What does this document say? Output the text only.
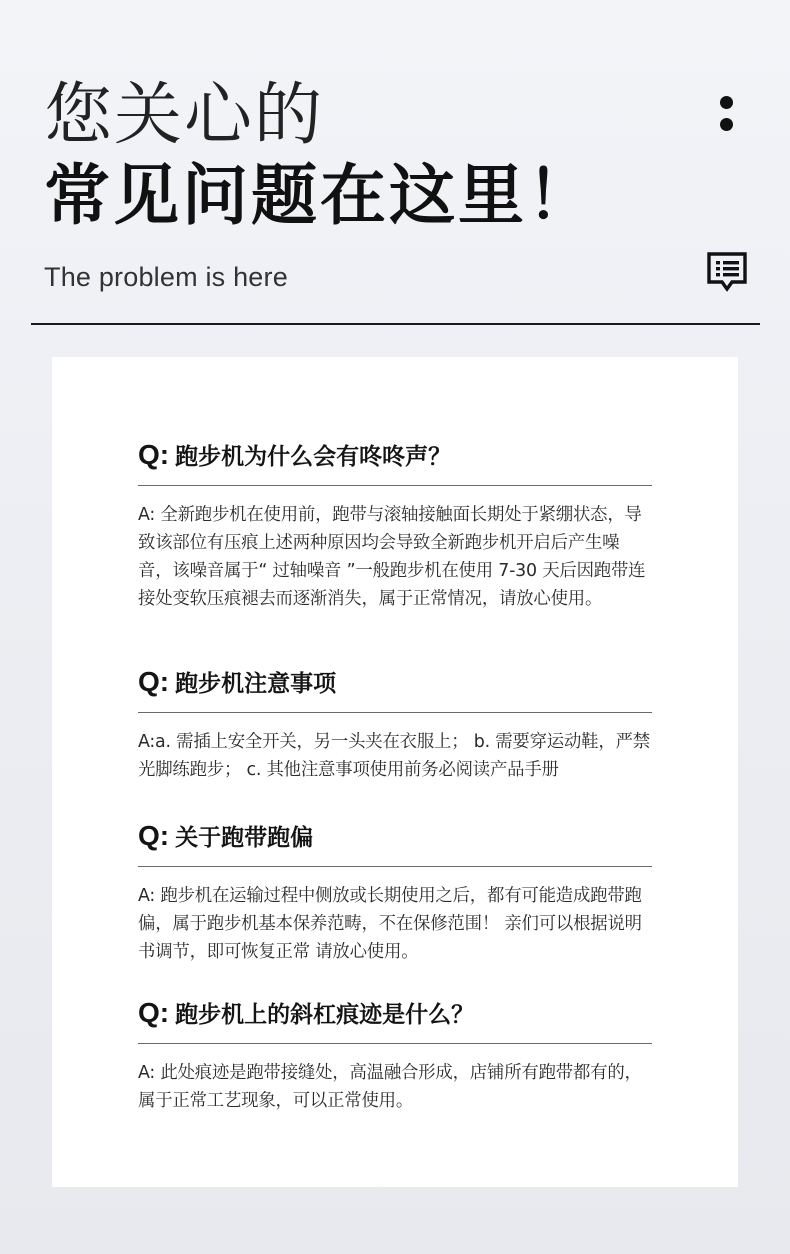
您关心的
常见问题在这里！
The problem is here
Q: 跑步机为什么会有咚咚声？
A: 全新跑步机在使用前，跑带与滚轴接触面长期处于紧绷状态，导致该部位有压痕上述两种原因均会导致全新跑步机开启后产生噪音，该噪音属于“ 过轴噪音 ”一般跑步机在使用 7-30 天后因跑带连接处变软压痕褪去而逐渐消失，属于正常情况，请放心使用。
Q: 跑步机注意事项
A:a. 需插上安全开关，另一头夹在衣服上； b. 需要穿运动鞋，严禁光脚练跑步； c. 其他注意事项使用前务必阅读产品手册
Q: 关于跑带跑偏
A: 跑步机在运输过程中侧放或长期使用之后，都有可能造成跑带跑偏，属于跑步机基本保养范畴，不在保修范围！ 亲们可以根据说明书调节，即可恢复正常 请放心使用。
Q: 跑步机上的斜杠痕迹是什么？
A: 此处痕迹是跑带接缝处，高温融合形成，店铺所有跑带都有的，属于正常工艺现象，可以正常使用。
